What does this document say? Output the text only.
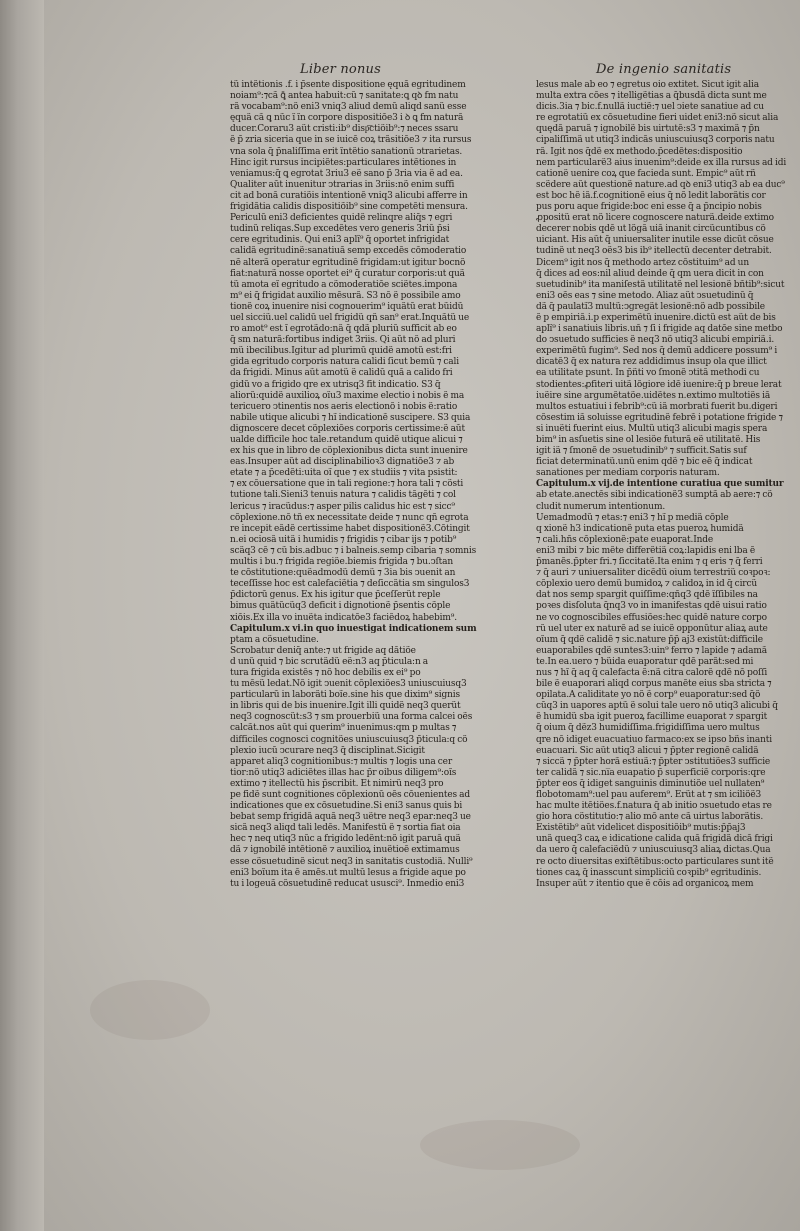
Liber nonus	De ingenio sanitatis
tũ intẽtionis .f. i p̄sente dispositione ęquã egritudinem
noiam⁹:⁊cã ꝗ̄ antea habuit:cũ ⁊ sanitate:ꝗ qꝺ fm natu
rã vocabam⁹:nõ eni3 vniq3 aliud demũ aliqd sanũ esse
ęquã cã ꝗ nũc ĩ ĩn corpore dispositiõe3 i ꝺ ꝗ fm naturã
ducer.Coraru3 aũt cristi:ib⁹ disp͞ctiõib⁹:⁊ neces ssaru
ẽ p̄ zria siceria que in se iuicẽ coꝝ trãsitiõe3 ⁊ ita rursus
vna sola q̄ p̄naliſſima erit ĩntẽtio sanationũ ↄtrarietas.
Hinc igit̃ rursus incipiẽtes:particulares intẽtiones in
veniamus:q̄ ꝗ egrotat 3riu3 eẽ sano p̄ 3ria via ẽ ad ea.
Qualiter aũt inuenitur ↄtrarias in 3riis:nõ enim suffi
cit ad bonã curatiõis intentionẽ vniq3 alicubi afferre in
frigidãtia calidis dispositiõib⁹ sine competẽti mensura.
Periculũ eni3 deficientes quidẽ relinqre aliq̄s ⁊ egri
tudinũ reliqas.Sup excedẽtes vero generis 3riũ p̄si
cere egritudinis. Qui eni3 aplĩ⁹ q̄ oportet infrigidat
calidã egritudinẽ:sanatiuã semp excedẽs cõmoderatio
nẽ alterã operatur egritudinẽ frigidam:ut igitur bocnõ
fiat:naturã nosse oportet ei⁹ q̄ curatur corporis:ut quã
tũ amota eĩ egritudo a cõmoderatiõe sciẽtes.impona
m⁹ ei q̄ frigidat auxilio mẽsurã. S3 nõ ẽ possibile amo
tionẽ coꝝ inuenire nisi cognouerim⁹ iquãtũ erat bũidũ
uel sicciũ.uel calidũ uel frigidũ qñ san⁹ erat.Inquãtũ ue
ro amot⁹ est ĩ egrotãdo:nã q̄ qdã pluriũ sufficit ab eo
q̄ sm naturã:fortibus indiget 3riis. Q̄i aũt nõ ad pluri
mũ ibecilibus.Igitur ad plurimũ quidẽ amotũ est:fri
gida egritudo corporis natura calidi ſicut bemũ ⁊ cali
da frigidi. Minus aũt amotũ ẽ calidũ quã a calido fri
gidũ vo a frigido qre ex utrisq3 fit indicatio. S3 q̄
aliorũ:quidẽ auxilioꝝ oĩu3 maxime electio i nobis ẽ ma
tericuero ↄtinentis nos aeris electionõ i nobis ẽ:ratio
nabile utique alicubi ⁊ hĩ indicationẽ suscipere. S3 quia
dignoscere decet cõplexiões corporis certissime:ẽ aũt
ualde difficile hoc tale.retandum quidẽ utique alicui ⁊
ex his que in libro de cõplexionibus dicta sunt inuenire
eas.Insuper aũt ad disciplinabilioꝛ3 dignatiõe3 ⁊ ab
etate ⁊ a p̄cedẽti:uita oĩ que ⁊ ex studiis ⁊ vita psistit:
⁊ ex cõuersatione que in tali regione:⁊ hora tali ⁊ cõsti
tutione tali.Sieni3 tenuis natura ⁊ calidis tãgẽti ⁊ col
lericus ⁊ iracũdus:⁊ asper pilis calidus hic est ⁊ sicc⁹
cõplexione.nõ tñ ex necessitate deide ⁊ nunc qñ egrota
re incepit eãdẽ certissime habet dispositionẽ3.Cõtingit
n.ei ociosã uitã i humidis ⁊ frigidis ⁊ cibar ijs ⁊ potib⁹
scãq3 cẽ ⁊ cũ bis.adbuc ⁊ i balneis.semp cibaria ⁊ somnis
multis i bu.⁊ frigida regiõe.biemis frigida ⁊ bu.ↄſtan
te cõstitutione:quẽadmodũ demũ ⁊ 3ia bis ↄuenit an
teceſſisse hoc est calefaciẽtia ⁊ deſiccãtia sm singulos3
p̄dictorũ genus. Ex his igitur que p̄ceſſerũt reple
bimus quãtũcũq3 deficit i dignotionẽ p̄sentis cõple
xiõis.Ex illa vo inuẽta indicatõe3 faciẽdoꝝ habebim⁹.
Capitulum.x vi.in quo inuestigat indicationem sum
ptam a cõsuetudine.
Scrobatur deniq̄ ante:⁊ ut frigide aq dãtiõe
d unũ quid ⁊ bic scrutãdũ eẽ:n3 aq p̄ticula:n a
tura frigida existẽs ⁊ nõ hoc debilis ex ei⁹ po
tu mẽsũ ledat.Nõ igit̃ ↄuenit cõplexiões3 uniuscuiusq3
particularũ in laborãti boĩe.sine his que dixim⁹ signis
in libris qui de bis inuenire.Igit illi quidẽ neq3 querũt
neq3 cognoscũt:s3 ⁊ sm prouerbiũ una forma calcei oẽs
calcãt.nos aũt qui querim⁹ inuenimus:qm p multas ⁊
difficiles cognosci cognitões uniuscuiusq3 p̄ticula:q cõ
plexio iucũ ↄcurare neq3 q̄ disciplinat.Sicigit
apparet aliq3 cognitionibus:⁊ multis ⁊ logis una cer
tior:nõ utiq3 adiciẽtes illas hac p̄r oibus diligem⁹:oĩs
extimo ⁊ itellectũ his p̄scribit. Et nimirũ neq3 pro
pe fidẽ sunt cognitiones cõplexionũ oẽs cõuenientes ad
indicationes que ex cõsuetudine.Si eni3 sanus quis bi
bebat semp frigidã aquã neq3 uẽtre neq3 epar:neq3 ue
sicã neq3 aliqd tali ledẽs. Manifestũ ẽ ⁊ sortia fiat oia
hec ⁊ neq utiq3 nũc a frigido ledẽnt:nõ igit̃ paruã quã
dã ⁊ ignobilẽ intẽtionẽ ⁊ auxilioꝝ inuẽtioẽ extimamus
esse cõsuetudinẽ sicut neq3 in sanitatis custodiã. Nulli⁹
eni3 boĩum ita ẽ amẽs.ut multũ lesus a frigide aque po
tu i logeuã cõsuetudinẽ reducat ususci⁹. Inmedio eni3
lesus male ab eo ⁊ egretus oio extitet. Sicut igit̃ alia
multa extra cões ⁊ itelligẽtias a q̄busdã dicta sunt me
dicis.3ia ⁊ bic.f.nullã iuctiẽ:⁊ uel ↄiete sanatiue ad cu
re egrotatiũ ex cõsuetudine fieri uidet eni3:nõ sicut alia
quędã paruã ⁊ ignobilẽ bis uirtutẽ:s3 ⁊ maximã ⁊ p̄n
cipaliſſimã ut utiq3 indicãs uniuscuiusq3 corporis natu
rã. Igit̃ nos q̄dẽ ex methodo.p̄cedẽtes:dispositio
nem particularẽ3 aius inuenim⁹:deide ex illa rursus ad idi
cationẽ uenire coꝝ que facieda sunt. Empic⁹ aũt rñ
scẽdere aũt questionẽ nature.ad qꝺ eni3 utiq3 ab ea duc⁹
est boc hẽ iã.f.cognitionẽ eius q̄ nõ ledit laborãtis cor
pus poru aque frigide:boc eni esse q̄ a p̄ncipio nobis
ꝓpositũ erat nõ licere cognoscere naturã.deide extimo
decerer nobis qdẽ ut lõgã uiã inanit circũcuntibus cõ
uiciant. His aũt q̄ uniuersaliter inutile esse dicũt cõsue
tudinẽ ut neq3 oẽs3 bis ib⁹ itellectũ decenter detrabit.
Dicem⁹ igit̃ nos q̄ methodo artez cõstituim⁹ ad un
q̄ dices ad eos:nil aliud deinde q̄ qm uera dicit in con
suetudinib⁹ ita maniſestã utilitatẽ nel lesionẽ bñtib⁹:sicut
eni3 oẽs eas ⁊ sine metodo. Aliaz aũt ↄsuetudinũ q̄
dã q̄ paulatĩ3 multũ:ↄgregãt lesionẽ:nõ adb possibile
ẽ p empiriã.i.p experimẽtũ inuenire.dictũ est aũt de bis
aplĩ⁹ i sanatiuis libris.uñ ⁊ ſi i frigide aq datõe sine metbo
do ↄsuetudo sufficies ẽ neq3 nõ utiq3 alicubi empiriã.i.
experimẽtũ fugim⁹. Sed nos q̄ demũ addicere possum⁹ i
dicatẽ3 q̄ ex natura rez addidimus insup ola que illict
ea utilitate psunt. In p̄ñti vo ſmonẽ ↄtitã methodi cu
stodientes:ꝓfiteri uitã lõgiore idẽ iuenire:q̄ p breue lerat
iuẽire sine argumẽtatõe.uidẽtes n.extimo multotiẽs iã
multos estuatiui i febrib⁹:cũ iã morbrati fuerit bu.digeri
cõsestim iã soluisse egritudinẽ febrẽ i potatione frigide ⁊
si inuẽti fuerint eius. Multũ utiq3 alicubi magis spera
bim⁹ in asſuetis sine ol lesiõe futurã eẽ utilitatẽ. His
igit iã ⁊ ſmonẽ de ↄsuetudinib⁹ ⁊ sufficit.Satis suf
ficiat determinatũ.unũ enim qdẽ ⁊ bic eẽ q̄ indicat
sanationes per mediam corporis naturam.
Capitulum.x vij.de intentione curatiua que sumitur
ab etate.anectẽs sibi indicationẽ3 sumptã ab aere:⁊ cõ
cludit numerum intentionum.
Uemadmodũ ⁊ etas:⁊ eni3 ⁊ hĩ p mediã cõple
q xionẽ h3 indicationẽ puta etas pueroꝝ humidã
⁊ cali.hñs cõplexionẽ:pate euaporat.Inde
eni3 mibi ⁊ bic mẽte differẽtiã coꝝ:lapidis eni lba ẽ
p̄manẽs.p̄pter fri.⁊ ſiccitatẽ.Ita enim ⁊ q eris ⁊ q̄ ferri
⁊ q̄ auri ⁊ uniuersaliter dicẽdũ oium terrestriũ coꝛpoꝛ:
cõplexio uero demũ bumidoꝝ ⁊ calidoꝝ in id q̄ circũ
dat nos semp spargit quiſſime:qñq3 qdẽ ĩſſibiles na
poꝛes disſoluta q̄nq3 vo in imanifestas qdẽ uisui ratio
ne vo cognoscibiles effusiões:hec quidẽ nature corpo
rũ uel uter ex naturẽ ad se iuicẽ opponũtur aliaꝝ aute
oĩum q̄ qdẽ calidẽ ⁊ sic.nature p̄p̄ aj3 existũt:difficile
euaporabiles qdẽ suntes3:uin⁹ ferro ⁊ lapide ⁊ adamã
te.In ea.uero ⁊ bũida euaporatur qdẽ parãt:sed mi
nus ⁊ hĩ q̄ aq q̄ calefacta ẽ:nã citra calorẽ qdẽ nõ poſſi
bile ẽ euaporari aliqd corpus manẽte eius sba stricta ⁊
opilata.Ã caliditate yo nõ ẽ corp⁹ euaporatur:sed q̄õ
cũq3 in uapores aptũ ẽ solui tale uero nõ utiq3 alicubi q̄
ẽ humidũ sba igit̃ pueroꝝ facillime euaporat ⁊ spargit
q̄ oium q̄ dẽz3 humidiſſima.frigidiſſima uero multus
qre nõ idiget euacuatiuo farmaco:ex se ipso bñs inanti
euacuari. Sic aũt utiq3 alicui ⁊ p̄pter regionẽ calidã
⁊ siccã ⁊ p̄pter horã estiuã:⁊ p̄pter ↄstitutiões3 sufficie
ter calidã ⁊ sic.ni̅a euapatio p̄ superficiẽ corporis:qre
p̄pter eos q̄ idiget sanguinis diminutiõe uel nullaten⁹
flobotomam⁹:uel pau auferem⁹. Erũt at ⁊ sm iciliõẽ3
hac multe itẽtiões.f.natura q̄ ab initio ↄsuetudo etas re
gio hora cõstitutio:⁊ alio mõ ante cã uirtus laborãtis.
Existẽtib⁹ aũt videlicet dispositiõib⁹ mutis:p̄p̄aj3
unã queq3 caꝝ e idicatione calida quã frigidã dicã frigi
da uero q̄ calefaciẽdũ ⁊ uniuscuiusq3 aliaꝝ dictas.Qua
re octo diuersitas exiſtẽtibus:octo particulares sunt itẽ
tiones caꝝ q̄ inasscunt simpliciũ coꝛpib⁹ egritudinis.
Insuper aũt ⁊ itentio que ẽ cõis ad organicoꝝ mem
